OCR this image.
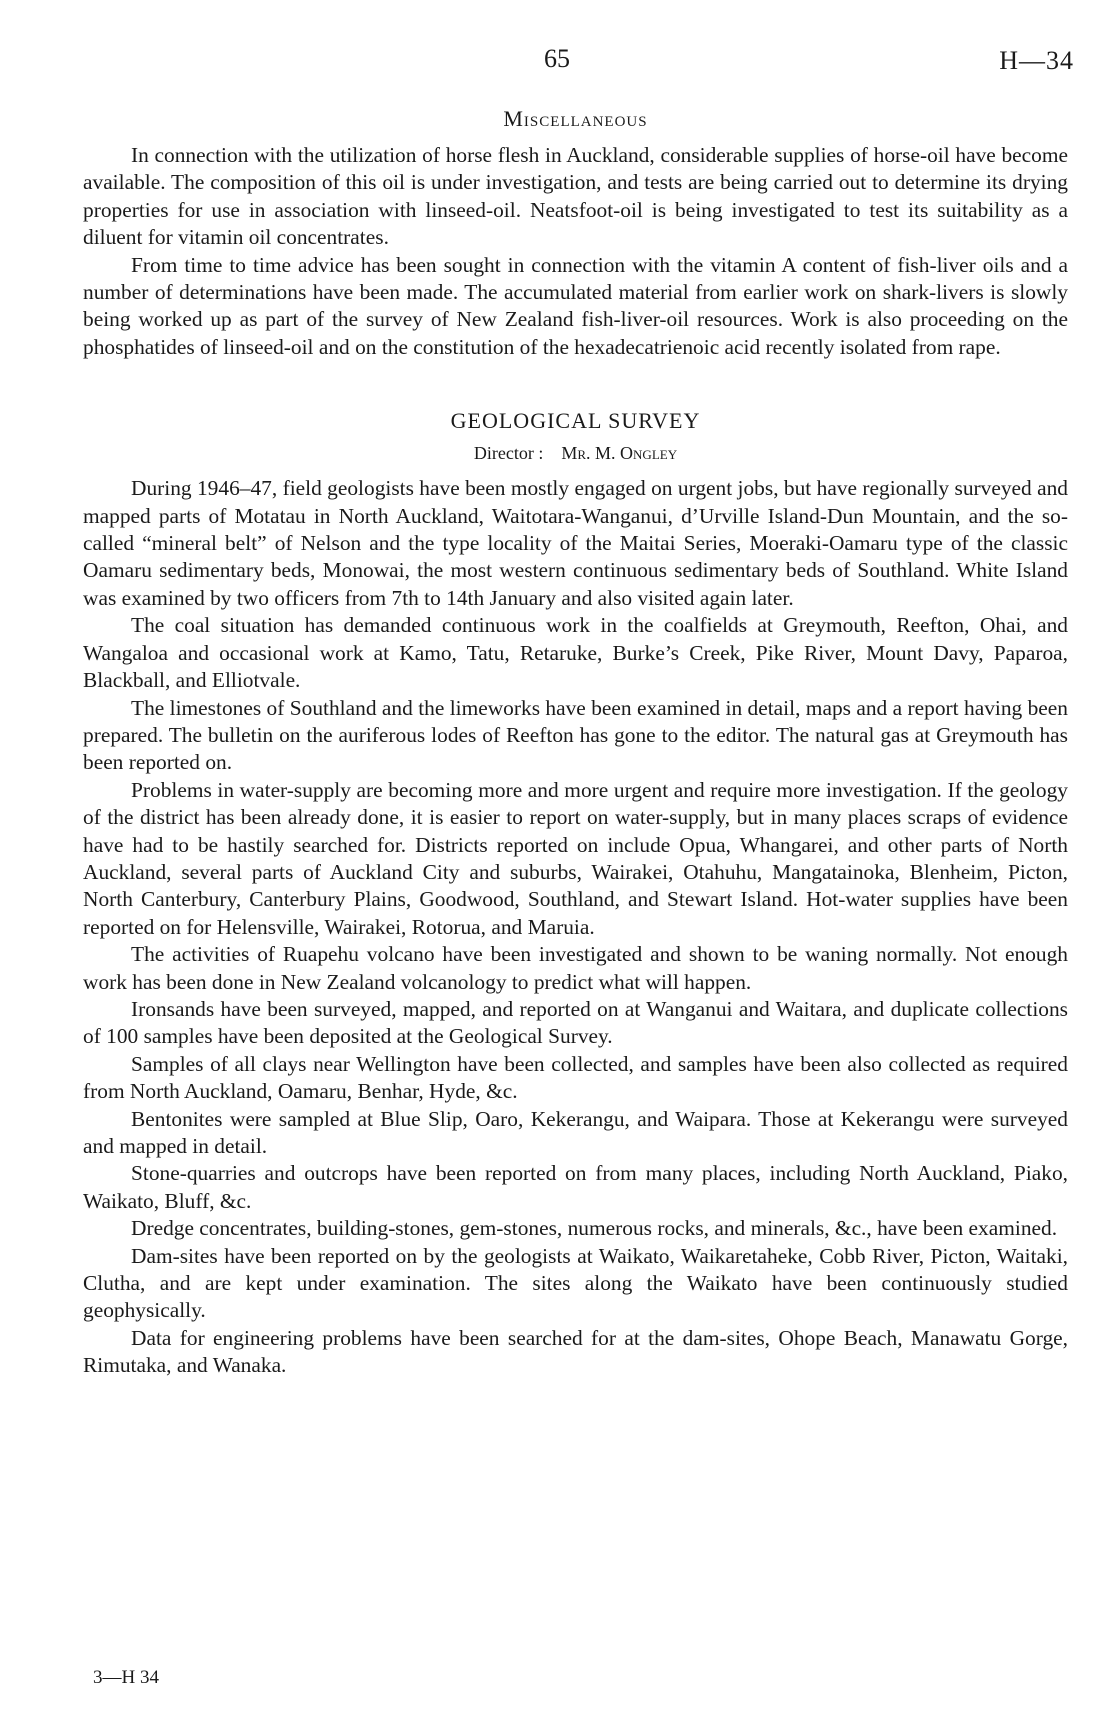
65	H—34
Miscellaneous

In connection with the utilization of horse flesh in Auckland, considerable supplies of horse-oil have become available. The composition of this oil is under investigation, and tests are being carried out to determine its drying properties for use in association with linseed-oil. Neatsfoot-oil is being investigated to test its suitability as a diluent for vitamin oil concentrates.

From time to time advice has been sought in connection with the vitamin A content of fish-liver oils and a number of determinations have been made. The accumulated material from earlier work on shark-livers is slowly being worked up as part of the survey of New Zealand fish-liver-oil resources. Work is also proceeding on the phosphatides of linseed-oil and on the constitution of the hexadecatrienoic acid recently isolated from rape.

GEOLOGICAL SURVEY
Director : Mr. M. Ongley

During 1946–47, field geologists have been mostly engaged on urgent jobs, but have regionally surveyed and mapped parts of Motatau in North Auckland, Waitotara-Wanganui, d’Urville Island-Dun Mountain, and the so-called “mineral belt” of Nelson and the type locality of the Maitai Series, Moeraki-Oamaru type of the classic Oamaru sedimentary beds, Monowai, the most western continuous sedimentary beds of Southland. White Island was examined by two officers from 7th to 14th January and also visited again later.

The coal situation has demanded continuous work in the coalfields at Greymouth, Reefton, Ohai, and Wangaloa and occasional work at Kamo, Tatu, Retaruke, Burke’s Creek, Pike River, Mount Davy, Paparoa, Blackball, and Elliotvale.

The limestones of Southland and the limeworks have been examined in detail, maps and a report having been prepared. The bulletin on the auriferous lodes of Reefton has gone to the editor. The natural gas at Greymouth has been reported on.

Problems in water-supply are becoming more and more urgent and require more investigation. If the geology of the district has been already done, it is easier to report on water-supply, but in many places scraps of evidence have had to be hastily searched for. Districts reported on include Opua, Whangarei, and other parts of North Auckland, several parts of Auckland City and suburbs, Wairakei, Otahuhu, Mangatainoka, Blenheim, Picton, North Canterbury, Canterbury Plains, Goodwood, Southland, and Stewart Island. Hot-water supplies have been reported on for Helensville, Wairakei, Rotorua, and Maruia.

The activities of Ruapehu volcano have been investigated and shown to be waning normally. Not enough work has been done in New Zealand volcanology to predict what will happen.

Ironsands have been surveyed, mapped, and reported on at Wanganui and Waitara, and duplicate collections of 100 samples have been deposited at the Geological Survey.

Samples of all clays near Wellington have been collected, and samples have been also collected as required from North Auckland, Oamaru, Benhar, Hyde, &c.

Bentonites were sampled at Blue Slip, Oaro, Kekerangu, and Waipara. Those at Kekerangu were surveyed and mapped in detail.

Stone-quarries and outcrops have been reported on from many places, including North Auckland, Piako, Waikato, Bluff, &c.

Dredge concentrates, building-stones, gem-stones, numerous rocks, and minerals, &c., have been examined.

Dam-sites have been reported on by the geologists at Waikato, Waikaretaheke, Cobb River, Picton, Waitaki, Clutha, and are kept under examination. The sites along the Waikato have been continuously studied geophysically.

Data for engineering problems have been searched for at the dam-sites, Ohope Beach, Manawatu Gorge, Rimutaka, and Wanaka.

3—H 34
